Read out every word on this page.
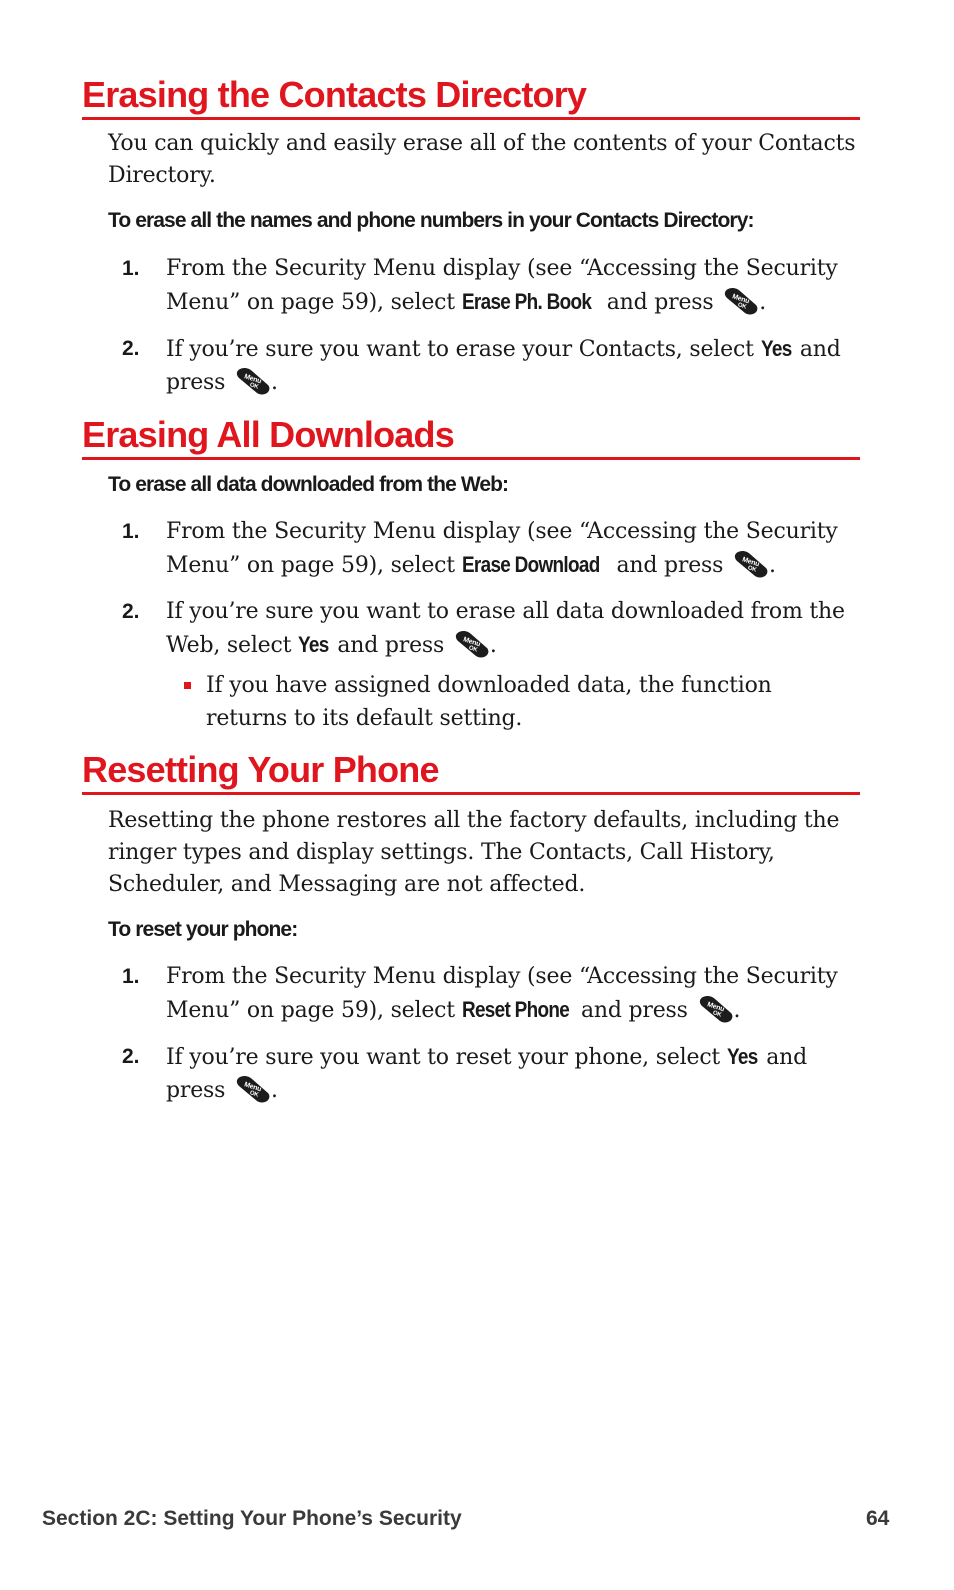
Erasing the Contacts Directory
You can quickly and easily erase all of the contents of your Contacts Directory.
To erase all the names and phone numbers in your Contacts Directory:
1.	From the Security Menu display (see “Accessing the Security Menu” on page 59), select Erase Ph. Book and press .
2.	If you’re sure you want to erase your Contacts, select Yes and press .
Erasing All Downloads
To erase all data downloaded from the Web:
1.	From the Security Menu display (see “Accessing the Security Menu” on page 59), select Erase Download and press .
2.	If you’re sure you want to erase all data downloaded from the Web, select Yes and press .
If you have assigned downloaded data, the function returns to its default setting.
Resetting Your Phone
Resetting the phone restores all the factory defaults, including the ringer types and display settings. The Contacts, Call History, Scheduler, and Messaging are not affected.
To reset your phone:
1.	From the Security Menu display (see “Accessing the Security Menu” on page 59), select Reset Phone and press .
2.	If you’re sure you want to reset your phone, select Yes and press .
Section 2C: Setting Your Phone’s Security	64
